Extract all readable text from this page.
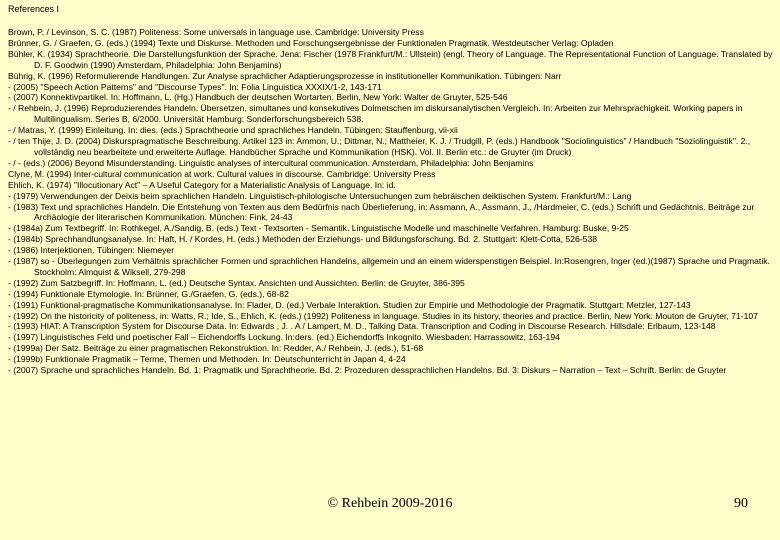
References I
Brown, P. / Levinson, S. C. (1987) Politeness: Some universals in language use. Cambridge: University Press
Brünner, G. / Graefen, G. (eds.) (1994) Texte und Diskurse. Methoden und Forschungsergebnisse der Funktionalen Pragmatik. Westdeutscher Verlag: Opladen
Bühler, K. (1934) Sprachtheorie. Die Darstellungsfunktion der Sprache. Jena: Fischer (1978 Frankfurt/M.: Ullstein) (engl. Theory of Language. The Representational Function of Language. Translated by D. F. Goodwin (1990) Amsterdam, Philadelphia: John Benjamins)
Bührig, K. (1996) Reformulierende Handlungen. Zur Analyse sprachlicher Adaptierungsprozesse in institutioneller Kommunikation. Tübingen: Narr
- (2005) "Speech Action Patterns" and "Discourse Types". In: Folia Linguistica XXXIX/1-2, 143-171
- (2007) Konnektivpartikel. In: Hoffmann, L. (Hg.) Handbuch der deutschen Wortarten. Berlin, New York: Walter de Gruyter, 525-546
- / Rehbein, J. (1996) Reproduzierendes Handeln. Übersetzen, simultanes und konsekutives Dolmetschen im diskursanalytischen Vergleich. In: Arbeiten zur Mehrsprachigkeit. Working papers in Multilingualism. Series B, 6/2000. Universität Hamburg: Sonderforschungsbereich 538.
- / Matras, Y. (1999) Einleitung. In: dies. (eds.) Sprachtheorie und sprachliches Handeln. Tübingen: Stauffenburg, vii-xii
- / ten Thije, J. D. (2004) Diskurspragmatische Beschreibung. Artikel 123 in: Ammon, U.; Dittmar, N.; Mattheier, K. J. / Trudgill, P. (eds.) Handbook "Sociolinguistics" / Handbuch "Soziolinguistik". 2., vollständig neu bearbeitete und erweiterte Auflage. Handbücher Sprache und Kommunikation (HSK). Vol. II. Berlin etc.: de Gruyter (im Druck)
- / - (eds.) (2006) Beyond Misunderstanding. Linguistic analyses of intercultural communication. Amsterdam, Philadelphia: John Benjamins
Clyne, M. (1994) Inter-cultural communication at work. Cultural values in discourse. Cambridge: University Press
Ehlich, K. (1974) "Illocutionary Act" – A Useful Category for a Materialistic Analysis of Language. In: id.
- (1979) Verwendungen der Deixis beim sprachlichen Handeln. Linguistisch-philologische Untersuchungen zum hebräischen deiktischen System. Frankfurt/M.: Lang
- (1983) Text und sprachliches Handeln. Die Entstehung von Texten aus dem Bedürfnis nach Überlieferung, in: Assmann, A., Assmann, J., /Hardmeier, C. (eds.) Schrift und Gedächtnis. Beiträge zur Archäologie der literarischen Kommunikation. München: Fink, 24-43
- (1984a) Zum Textbegriff. In: Rothkegel, A./Sandig, B. (eds.) Text - Textsorten - Semantik. Linguistische Modelle und maschinelle Verfahren. Hamburg: Buske, 9-25
- (1984b) Sprechhandlungsanalyse. In: Haft, H. / Kordes, H. (eds.) Methoden der Erziehungs- und Bildungsforschung. Bd. 2. Stuttgart: Klett-Cotta, 526-538
- (1986) Interjektionen. Tübingen: Niemeyer
- (1987) so - Überlegungen zum Verhältnis sprachlicher Formen und sprachlichen Handelns, allgemein und an einem widerspenstigen Beispiel. In:Rosengren, Inger (ed.)(1987) Sprache und Pragmatik. Stockholm: Almquist & Wiksell, 279-298
- (1992) Zum Satzbegriff. In: Hoffmann, L. (ed.) Deutsche Syntax. Ansichten und Aussichten. Berlin: de Gruyter, 386-395
- (1994) Funktionale Etymologie. In: Brünner, G./Graefen, G. (eds.), 68-82
- (1991) Funktional-pragmatische Kommunikationsanalyse. In: Flader, D. (ed.) Verbale Interaktion. Studien zur Empirie und Methodologie der Pragmatik. Stuttgart: Metzler, 127-143
- (1992) On the historicity of politeness, in: Watts, R.; Ide, S., Ehlich, K. (eds.) (1992) Politeness in language. Studies in its history, theories and practice. Berlin, New York: Mouton de Gruyter, 71-107
- (1993) HIAT: A Transcription System for Discourse Data. In: Edwards , J. . A / Lampert, M. D., Talking Data. Transcription and Coding in Discourse Research. Hillsdale: Erlbaum, 123-148
- (1997) Linguistisches Feld und poetischer Fall – Eichendorffs Lockung. In:ders. (ed.) Eichendorffs Inkognito. Wiesbaden: Harrassowitz, 163-194
- (1999a) Der Satz. Beiträge zu einer pragmatischen Rekonstruktion. In: Redder, A./ Rehbein, J. (eds.), 51-68
- (1999b) Funktionale Pragmatik – Terme, Themen und Methoden. In: Deutschunterricht in Japan 4, 4-24
- (2007) Sprache und sprachliches Handeln. Bd. 1: Pragmatik und Sprachtheorie. Bd. 2: Prozeduren dessprachlichen Handelns. Bd. 3: Diskurs – Narration – Text – Schrift. Berlin: de Gruyter
© Rehbein 2009-2016	90
